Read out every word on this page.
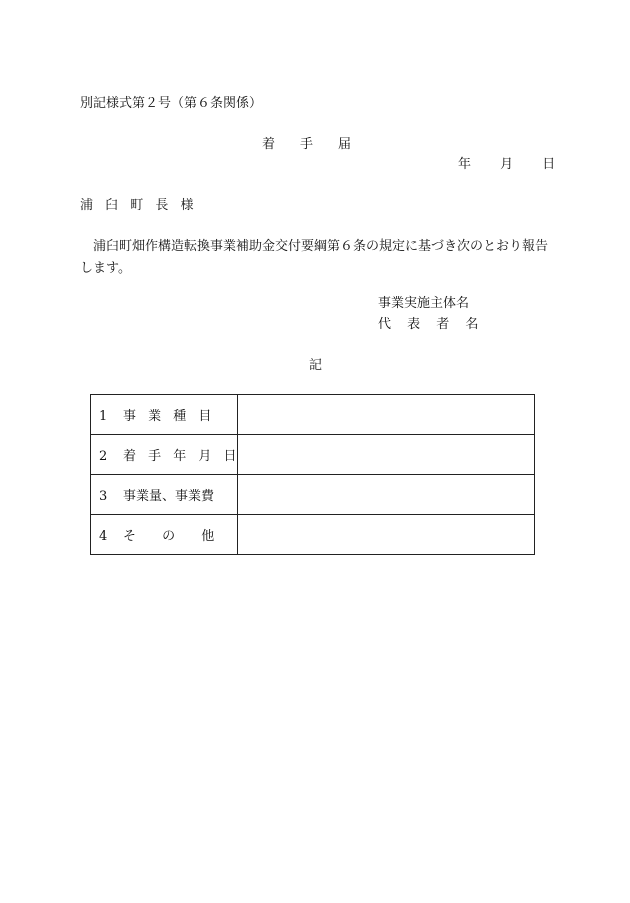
別記様式第２号（第６条関係）
着手届
年 月 日
浦 臼 町 長 様
浦臼町畑作構造転換事業補助金交付要綱第６条の規定に基づき次のとおり報告します。
事業実施主体名
代 表 者 名
記
1 事 業 種 目	
2 着 手 年 月 日	
3 事業量、事業費	
4 そ の 他	
